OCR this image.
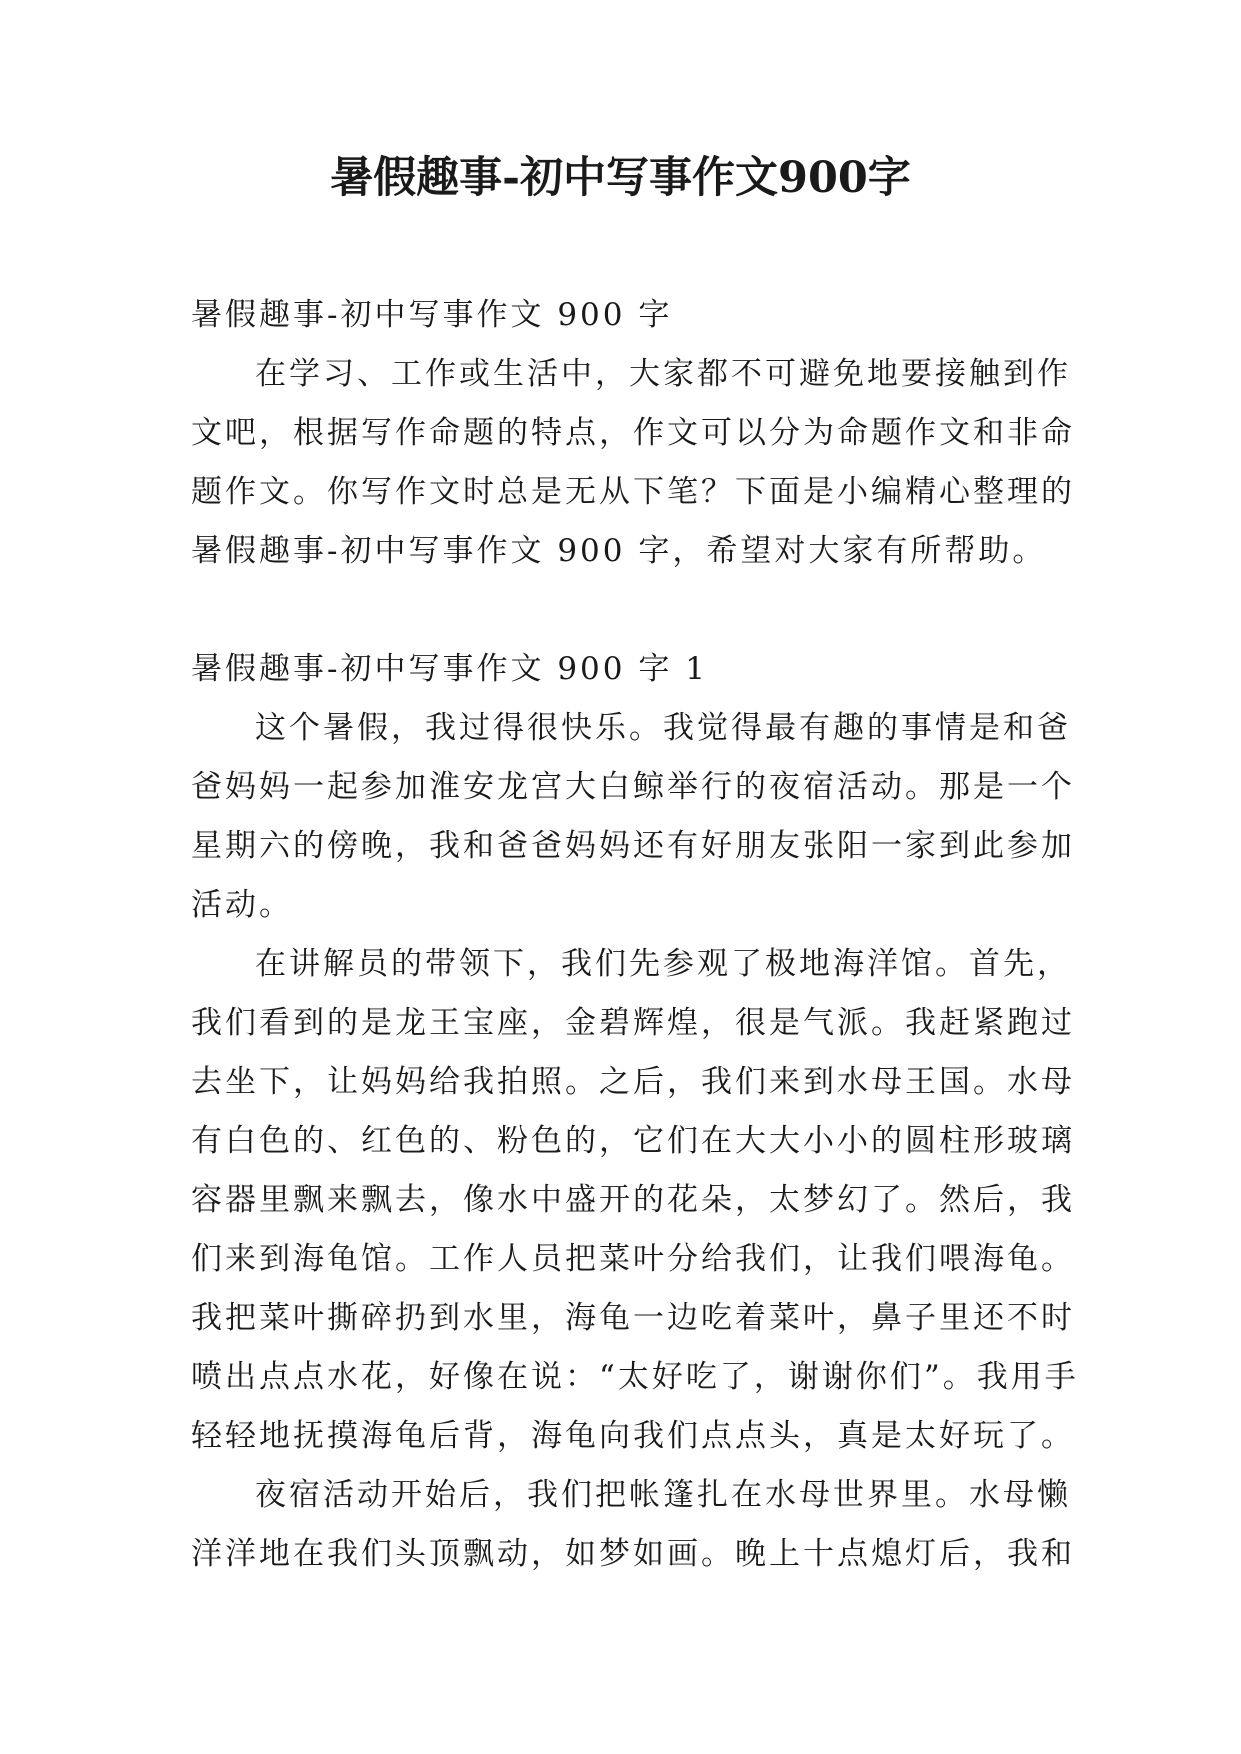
暑假趣事-初中写事作文900字
暑假趣事-初中写事作文 900 字
在学习、工作或生活中，大家都不可避免地要接触到作
文吧，根据写作命题的特点，作文可以分为命题作文和非命
题作文。你写作文时总是无从下笔？下面是小编精心整理的
暑假趣事-初中写事作文 900 字，希望对大家有所帮助。
暑假趣事-初中写事作文 900 字 1
这个暑假，我过得很快乐。我觉得最有趣的事情是和爸
爸妈妈一起参加淮安龙宫大白鲸举行的夜宿活动。那是一个
星期六的傍晚，我和爸爸妈妈还有好朋友张阳一家到此参加
活动。
在讲解员的带领下，我们先参观了极地海洋馆。首先，
我们看到的是龙王宝座，金碧辉煌，很是气派。我赶紧跑过
去坐下，让妈妈给我拍照。之后，我们来到水母王国。水母
有白色的、红色的、粉色的，它们在大大小小的圆柱形玻璃
容器里飘来飘去，像水中盛开的花朵，太梦幻了。然后，我
们来到海龟馆。工作人员把菜叶分给我们，让我们喂海龟。
我把菜叶撕碎扔到水里，海龟一边吃着菜叶，鼻子里还不时
喷出点点水花，好像在说：“太好吃了，谢谢你们”。我用手
轻轻地抚摸海龟后背，海龟向我们点点头，真是太好玩了。
夜宿活动开始后，我们把帐篷扎在水母世界里。水母懒
洋洋地在我们头顶飘动，如梦如画。晚上十点熄灯后，我和
